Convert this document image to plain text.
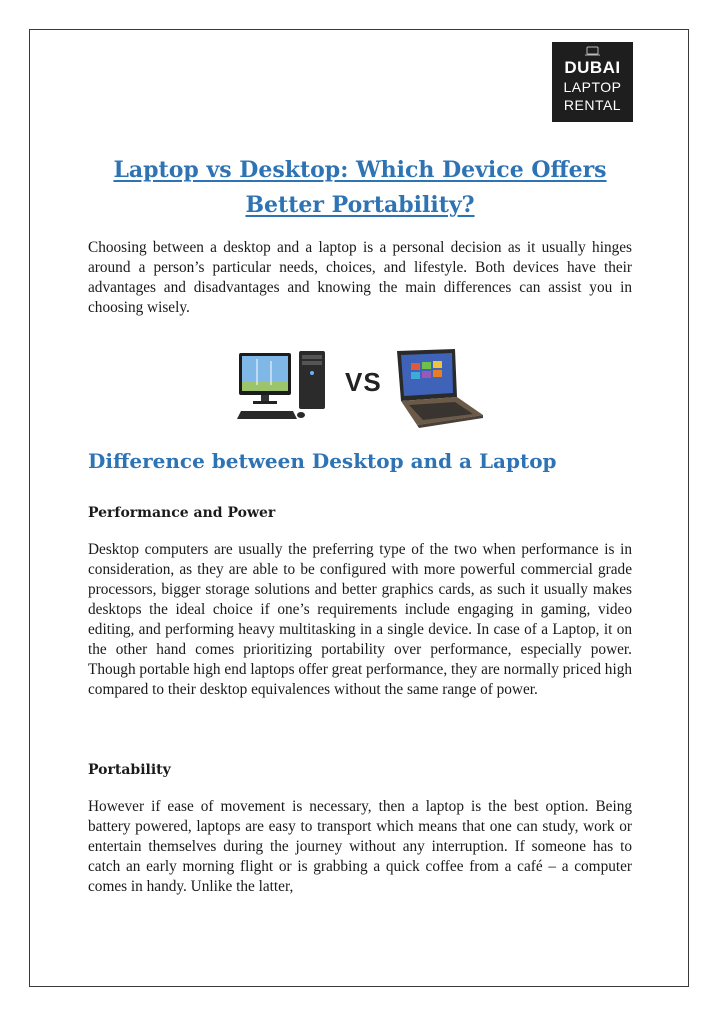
DUBAI
LAPTOP
RENTAL
Laptop vs Desktop: Which Device Offers
Better Portability?

Choosing between a desktop and a laptop is a personal decision as it usually hinges around a person’s particular needs, choices, and lifestyle. Both devices have their advantages and disadvantages and knowing the main differences can assist you in choosing wisely.

VS
Difference between Desktop and a Laptop
Performance and Power

Desktop computers are usually the preferring type of the two when performance is in consideration, as they are able to be configured with more powerful commercial grade processors, bigger storage solutions and better graphics cards, as such it usually makes desktops the ideal choice if one’s requirements include engaging in gaming, video editing, and performing heavy multitasking in a single device. In case of a Laptop, it on the other hand comes prioritizing portability over performance, especially power. Though portable high end laptops offer great performance, they are normally priced high compared to their desktop equivalences without the same range of power.

Portability

However if ease of movement is necessary, then a laptop is the best option. Being battery powered, laptops are easy to transport which means that one can study, work or entertain themselves during the journey without any interruption. If someone has to catch an early morning flight or is grabbing a quick coffee from a café – a computer comes in handy. Unlike the latter,
